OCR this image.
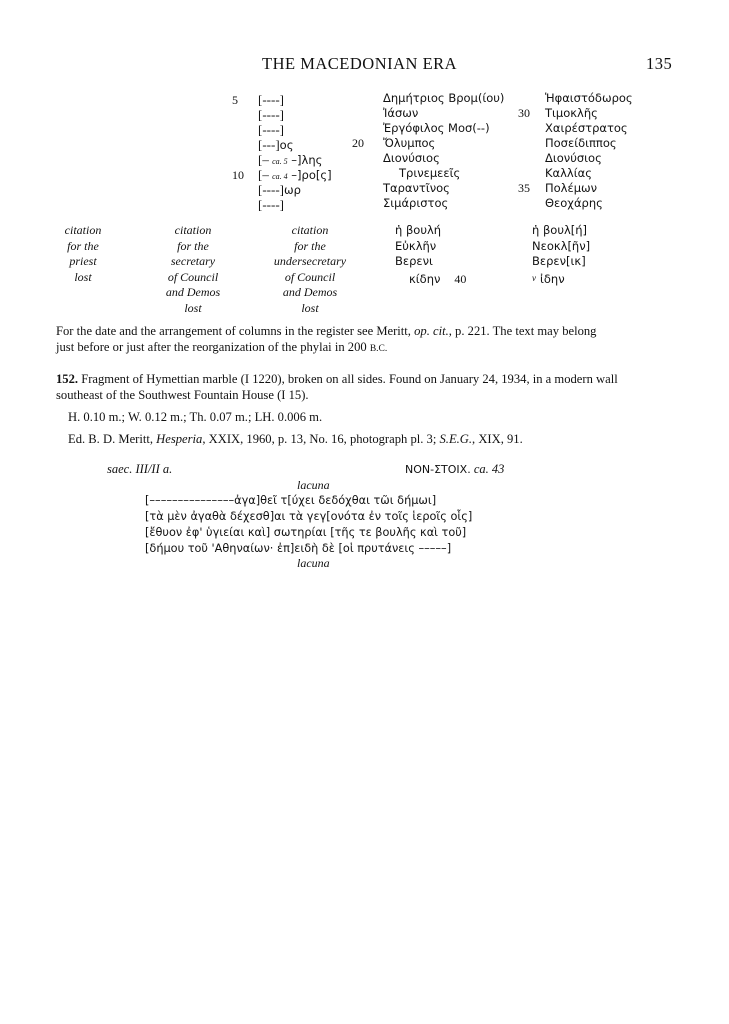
THE MACEDONIAN ERA	135
5 [----]
[----]
[----]
[---]ος
[– ca. 5 –]λης
10 [– ca. 4 –]ρο[ς]
[----]ωρ
[----]
20
Δημήτριος Βρομ(ίου)
Ἰάσων
Ἐργόφιλος Μοσ(--)
Ὄλυμπος
Διονύσιος
Τρινεμεεῖς
Ταραντῖνος
Σιμάριστος
30
35
Ἡφαιστόδωρος
Τιμοκλῆς
Χαιρέστρατος
Ποσείδιππος
Διονύσιος
Καλλίας
Πολέμων
Θεοχάρης
citation
for the
priest
lost
citation
for the
secretary
of Council
and Demos
lost
citation
for the
undersecretary
of Council
and Demos
lost
ἡ βουλή
Εὐκλῆν
Βερενι
κίδην 40
ἡ βουλ[ή]
Νεοκλ[ῆν]
Βερεν[ικ]
v ἰδην
For the date and the arrangement of columns in the register see Meritt, op. cit., p. 221. The text may belong
just before or just after the reorganization of the phylai in 200 B.C.
152. Fragment of Hymettian marble (I 1220), broken on all sides. Found on January 24, 1934, in a modern wall
southeast of the Southwest Fountain House (I 15).
H. 0.10 m.; W. 0.12 m.; Th. 0.07 m.; LH. 0.006 m.
Ed. B. D. Meritt, Hesperia, XXIX, 1960, p. 13, No. 16, photograph pl. 3; S.E.G., XIX, 91.
saec. III/II a.	NON-ΣΤΟΙΧ. ca. 43
lacuna
[–––––––––––––––ἀγα]θεῖ τ[ύχει δεδόχθαι τῶι δήμωι]
[τὰ μὲν ἀγαθὰ δέχεσθ]αι τὰ γεγ[ονότα ἐν τοῖς ἱεροῖς οἷς]
[ἔθυον ἐφ' ὑγιείαι καὶ] σωτηρίαι [τῆς τε βουλῆς καὶ τοῦ]
[δήμου τοῦ 'Αθηναίων· ἐπ]ειδὴ δὲ [οἱ πρυτάνεις –––––]
lacuna
